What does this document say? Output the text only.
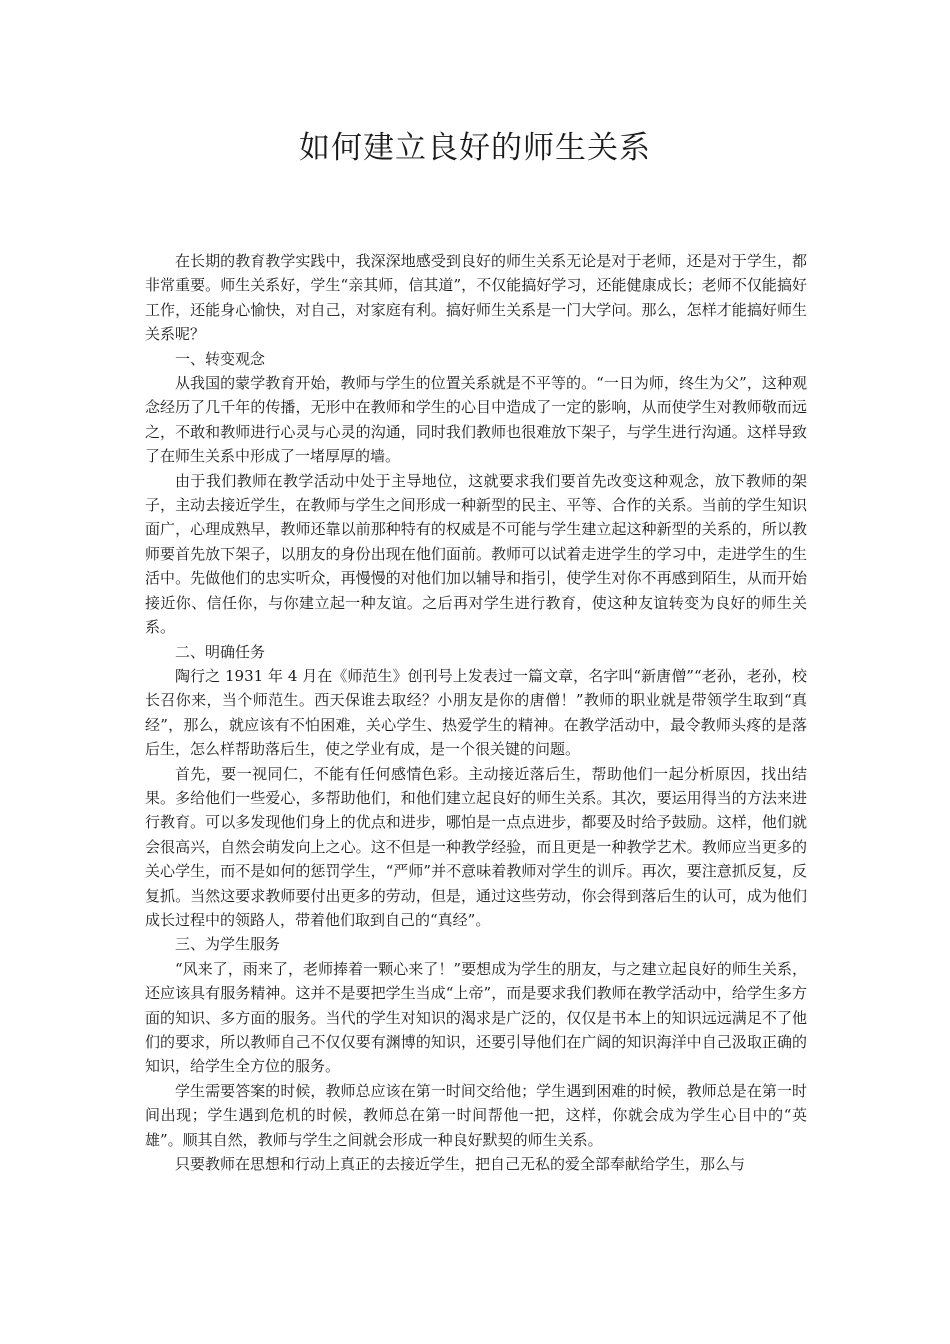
如何建立良好的师生关系

在长期的教育教学实践中，我深深地感受到良好的师生关系无论是对于老师，还是对于学生，都非常重要。师生关系好，学生“亲其师，信其道”，不仅能搞好学习，还能健康成长；老师不仅能搞好工作，还能身心愉快，对自己，对家庭有利。搞好师生关系是一门大学问。那么，怎样才能搞好师生关系呢？

一、转变观念

从我国的蒙学教育开始，教师与学生的位置关系就是不平等的。“一日为师，终生为父”，这种观念经历了几千年的传播，无形中在教师和学生的心目中造成了一定的影响，从而使学生对教师敬而远之，不敢和教师进行心灵与心灵的沟通，同时我们教师也很难放下架子，与学生进行沟通。这样导致了在师生关系中形成了一堵厚厚的墙。

由于我们教师在教学活动中处于主导地位，这就要求我们要首先改变这种观念，放下教师的架子，主动去接近学生，在教师与学生之间形成一种新型的民主、平等、合作的关系。当前的学生知识面广，心理成熟早，教师还靠以前那种特有的权威是不可能与学生建立起这种新型的关系的，所以教师要首先放下架子，以朋友的身份出现在他们面前。教师可以试着走进学生的学习中，走进学生的生活中。先做他们的忠实听众，再慢慢的对他们加以辅导和指引，使学生对你不再感到陌生，从而开始接近你、信任你，与你建立起一种友谊。之后再对学生进行教育，使这种友谊转变为良好的师生关系。

二、明确任务

陶行之 1931 年 4 月在《师范生》创刊号上发表过一篇文章，名字叫“新唐僧”“老孙，老孙，校长召你来，当个师范生。西天保谁去取经？小朋友是你的唐僧！”教师的职业就是带领学生取到“真经”，那么，就应该有不怕困难，关心学生、热爱学生的精神。在教学活动中，最令教师头疼的是落后生，怎么样帮助落后生，使之学业有成，是一个很关键的问题。

首先，要一视同仁，不能有任何感情色彩。主动接近落后生，帮助他们一起分析原因，找出结果。多给他们一些爱心，多帮助他们，和他们建立起良好的师生关系。其次，要运用得当的方法来进行教育。可以多发现他们身上的优点和进步，哪怕是一点点进步，都要及时给予鼓励。这样，他们就会很高兴，自然会萌发向上之心。这不但是一种教学经验，而且更是一种教学艺术。教师应当更多的关心学生，而不是如何的惩罚学生，“严师”并不意味着教师对学生的训斥。再次，要注意抓反复，反复抓。当然这要求教师要付出更多的劳动，但是，通过这些劳动，你会得到落后生的认可，成为他们成长过程中的领路人，带着他们取到自己的“真经”。

三、为学生服务

“风来了，雨来了，老师捧着一颗心来了！”要想成为学生的朋友，与之建立起良好的师生关系，还应该具有服务精神。这并不是要把学生当成“上帝”，而是要求我们教师在教学活动中，给学生多方面的知识、多方面的服务。当代的学生对知识的渴求是广泛的，仅仅是书本上的知识远远满足不了他们的要求，所以教师自己不仅仅要有渊博的知识，还要引导他们在广阔的知识海洋中自己汲取正确的知识，给学生全方位的服务。

学生需要答案的时候，教师总应该在第一时间交给他；学生遇到困难的时候，教师总是在第一时间出现；学生遇到危机的时候，教师总在第一时间帮他一把，这样，你就会成为学生心目中的“英雄”。顺其自然，教师与学生之间就会形成一种良好默契的师生关系。

只要教师在思想和行动上真正的去接近学生，把自己无私的爱全部奉献给学生，那么与
